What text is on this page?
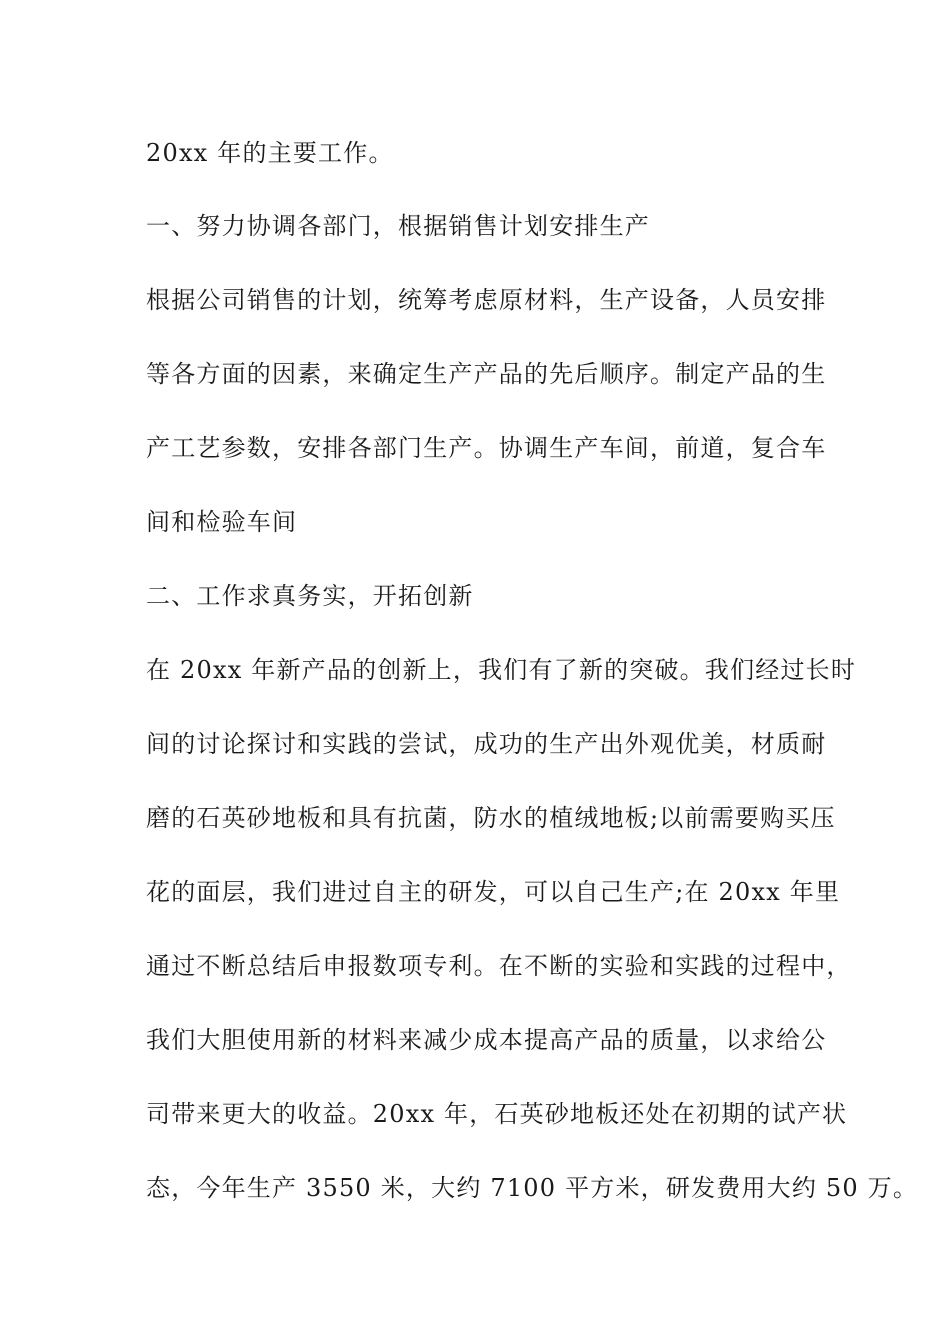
20xx 年的主要工作。
一、努力协调各部门，根据销售计划安排生产
根据公司销售的计划，统筹考虑原材料，生产设备，人员安排
等各方面的因素，来确定生产产品的先后顺序。制定产品的生
产工艺参数，安排各部门生产。协调生产车间，前道，复合车
间和检验车间
二、工作求真务实，开拓创新
在 20xx 年新产品的创新上，我们有了新的突破。我们经过长时
间的讨论探讨和实践的尝试，成功的生产出外观优美，材质耐
磨的石英砂地板和具有抗菌，防水的植绒地板;以前需要购买压
花的面层，我们进过自主的研发，可以自己生产;在 20xx 年里
通过不断总结后申报数项专利。在不断的实验和实践的过程中，
我们大胆使用新的材料来减少成本提高产品的质量，以求给公
司带来更大的收益。20xx 年，石英砂地板还处在初期的试产状
态，今年生产 3550 米，大约 7100 平方米，研发费用大约 50 万。
